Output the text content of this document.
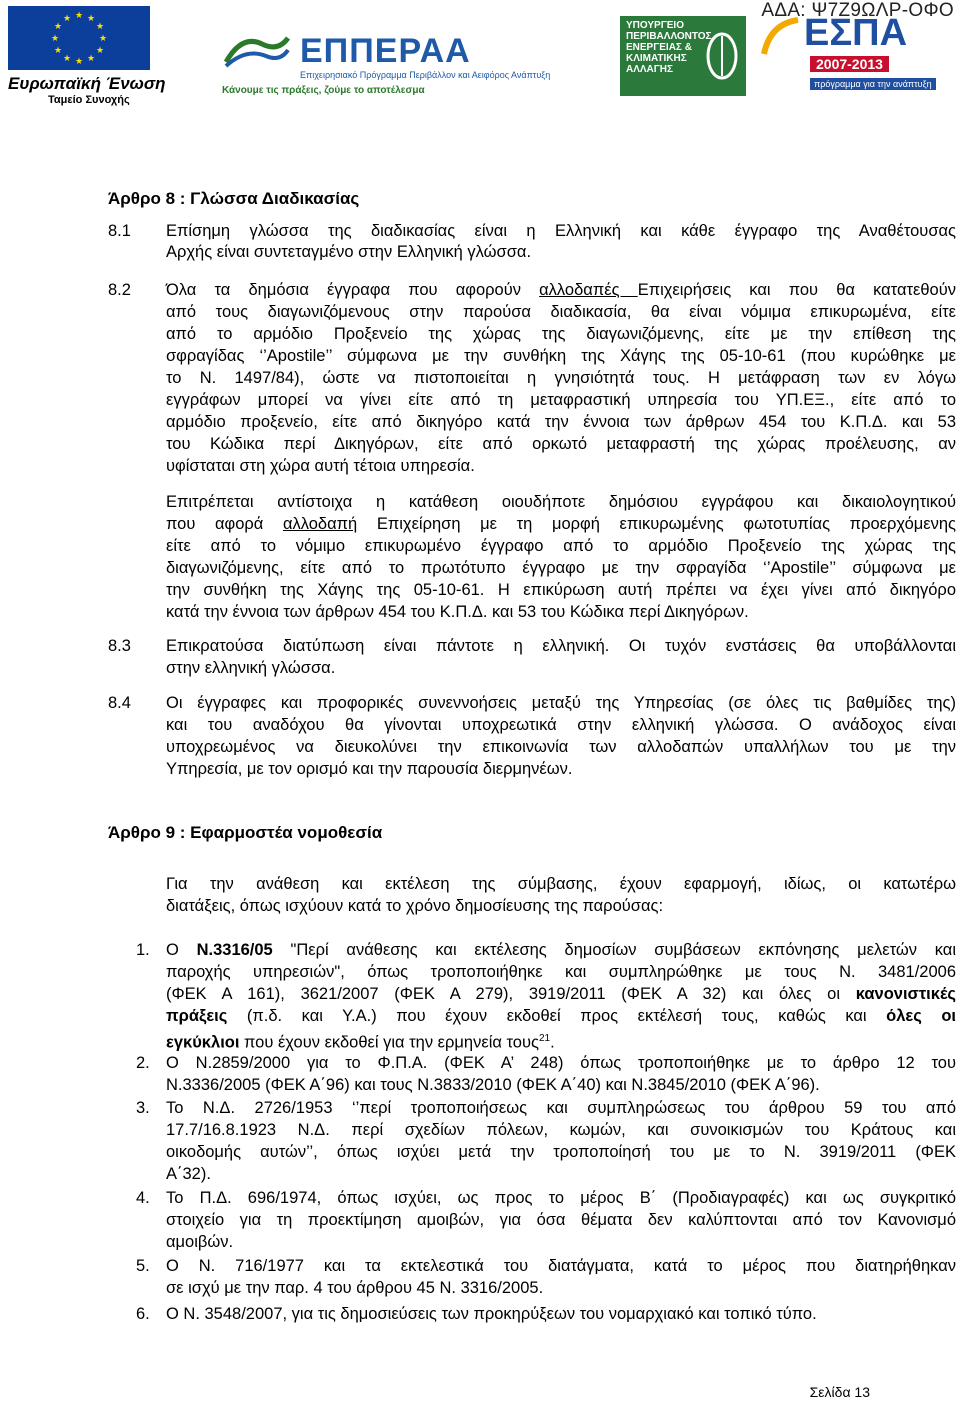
ΑΔΑ: Ψ7Ζ9ΩΛΡ-ΟΦΟ
★ ★
★
★
★
★
★
★
★
★
★
★
Ευρωπαϊκή Ένωση
Ταμείο Συνοχής
ΕΠΠΕΡΑΑ
Επιχειρησιακό Πρόγραμμα Περιβάλλον και Αειφόρος Ανάπτυξη
Κάνουμε τις πράξεις, ζούμε το αποτέλεσμα
ΥΠΟΥΡΓΕΙΟ ΠΕΡΙΒΑΛΛΟΝΤΟΣ ΕΝΕΡΓΕΙΑΣ & ΚΛΙΜΑΤΙΚΗΣ ΑΛΛΑΓΗΣ
ΕΣΠΑ
2007-2013
πρόγραμμα για την ανάπτυξη
Άρθρο 8 : Γλώσσα Διαδικασίας
8.1 Επίσημη γλώσσα της διαδικασίας είναι η Ελληνική και κάθε έγγραφο της Αναθέτουσας
Αρχής είναι συντεταγμένο στην Ελληνική γλώσσα.
8.2 Όλα τα δημόσια έγγραφα που αφορούν αλλοδαπές Επιχειρήσεις και που θα κατατεθούν
από τους διαγωνιζόμενους στην παρούσα διαδικασία, θα είναι νόμιμα επικυρωμένα, είτε
από το αρμόδιο Προξενείο της χώρας της διαγωνιζόμενης, είτε με την επίθεση της
σφραγίδας ‘’Apostile’’ σύμφωνα με την συνθήκη της Χάγης της 05-10-61 (που κυρώθηκε με
το Ν. 1497/84), ώστε να πιστοποιείται η γνησιότητά τους. Η μετάφραση των εν λόγω
εγγράφων μπορεί να γίνει είτε από τη μεταφραστική υπηρεσία του ΥΠ.ΕΞ., είτε από το
αρμόδιο προξενείο, είτε από δικηγόρο κατά την έννοια των άρθρων 454 του Κ.Π.Δ. και 53
του Κώδικα περί Δικηγόρων, είτε από ορκωτό μεταφραστή της χώρας προέλευσης, αν
υφίσταται στη χώρα αυτή τέτοια υπηρεσία.
Επιτρέπεται αντίστοιχα η κατάθεση οιουδήποτε δημόσιου εγγράφου και δικαιολογητικού
που αφορά αλλοδαπή Επιχείρηση με τη μορφή επικυρωμένης φωτοτυπίας προερχόμενης
είτε από το νόμιμο επικυρωμένο έγγραφο από το αρμόδιο Προξενείο της χώρας της
διαγωνιζόμενης, είτε από το πρωτότυπο έγγραφο με την σφραγίδα ‘’Apostile’’ σύμφωνα με
την συνθήκη της Χάγης της 05-10-61. Η επικύρωση αυτή πρέπει να έχει γίνει από δικηγόρο
κατά την έννοια των άρθρων 454 του Κ.Π.Δ. και 53 του Κώδικα περί Δικηγόρων.
8.3 Επικρατούσα διατύπωση είναι πάντοτε η ελληνική. Οι τυχόν ενστάσεις θα υποβάλλονται
στην ελληνική γλώσσα.
8.4 Οι έγγραφες και προφορικές συνεννοήσεις μεταξύ της Υπηρεσίας (σε όλες τις βαθμίδες της)
και του αναδόχου θα γίνονται υποχρεωτικά στην ελληνική γλώσσα. Ο ανάδοχος είναι
υποχρεωμένος να διευκολύνει την επικοινωνία των αλλοδαπών υπαλλήλων του με την
Υπηρεσία, με τον ορισμό και την παρουσία διερμηνέων.
Άρθρο 9 : Εφαρμοστέα νομοθεσία
Για την ανάθεση και εκτέλεση της σύμβασης, έχουν εφαρμογή, ιδίως, οι κατωτέρω
διατάξεις, όπως ισχύουν κατά το χρόνο δημοσίευσης της παρούσας:
1. Ο Ν.3316/05 "Περί ανάθεσης και εκτέλεσης δημοσίων συμβάσεων εκπόνησης μελετών και
παροχής υπηρεσιών", όπως τροποποιήθηκε και συμπληρώθηκε με τους Ν. 3481/2006
(ΦΕΚ Α 161), 3621/2007 (ΦΕΚ Α 279), 3919/2011 (ΦΕΚ Α 32) και όλες οι κανονιστικές
πράξεις (π.δ. και Υ.Α.) που έχουν εκδοθεί προς εκτέλεσή τους, καθώς και όλες οι
εγκύκλιοι που έχουν εκδοθεί για την ερμηνεία τους$^{21}$.
2. Ο Ν.2859/2000 για το Φ.Π.Α. (ΦΕΚ Α’ 248) όπως τροποποιήθηκε με το άρθρο 12 του
Ν.3336/2005 (ΦΕΚ Α΄96) και τους Ν.3833/2010 (ΦΕΚ Α΄40) και Ν.3845/2010 (ΦΕΚ Α΄96).
3. Το Ν.Δ. 2726/1953 ‘’περί τροποποιήσεως και συμπληρώσεως του άρθρου 59 του από
17.7/16.8.1923 Ν.Δ. περί σχεδίων πόλεων, κωμών, και συνοικισμών του Κράτους και
οικοδομής αυτών’’, όπως ισχύει μετά την τροποποίησή του με το Ν. 3919/2011 (ΦΕΚ
Α΄32).
4. Το Π.Δ. 696/1974, όπως ισχύει, ως προς το μέρος Β΄ (Προδιαγραφές) και ως συγκριτικό
στοιχείο για τη προεκτίμηση αμοιβών, για όσα θέματα δεν καλύπτονται από τον Κανονισμό
αμοιβών.
5. Ο Ν. 716/1977 και τα εκτελεστικά του διατάγματα, κατά το μέρος που διατηρήθηκαν
σε ισχύ με την παρ. 4 του άρθρου 45 Ν. 3316/2005.
6. Ο Ν. 3548/2007, για τις δημοσιεύσεις των προκηρύξεων του νομαρχιακό και τοπικό τύπο.
Σελίδα 13
